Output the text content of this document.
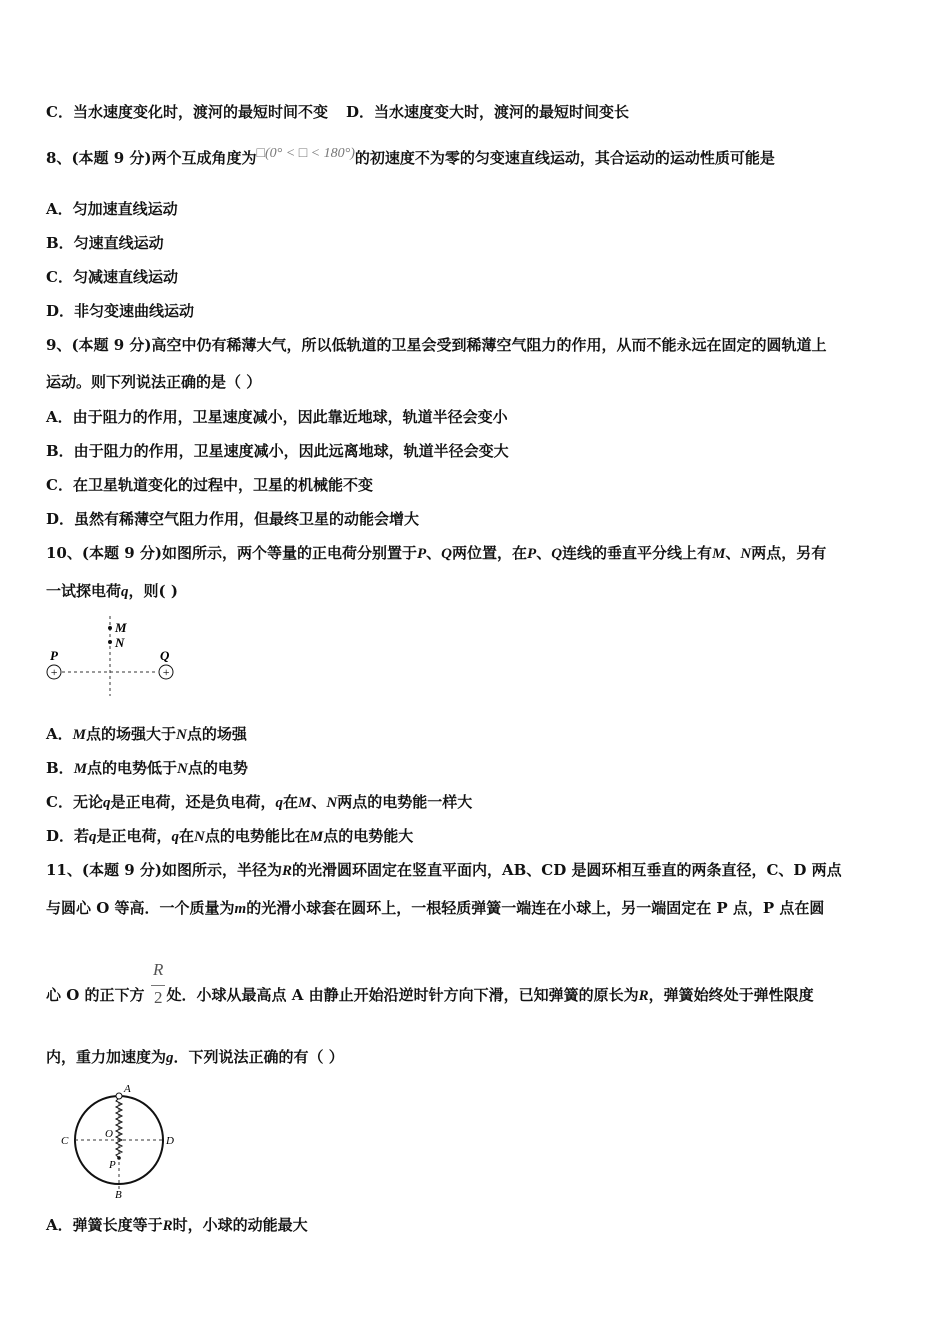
C．当水速度变化时，渡河的最短时间不变 D．当水速度变大时，渡河的最短时间变长
8、(本题 9 分)两个互成角度为□(0° < □ < 180°)的初速度不为零的匀变速直线运动，其合运动的运动性质可能是
A．匀加速直线运动
B．匀速直线运动
C．匀减速直线运动
D．非匀变速曲线运动
9、(本题 9 分)高空中仍有稀薄大气，所以低轨道的卫星会受到稀薄空气阻力的作用，从而不能永远在固定的圆轨道上
运动。则下列说法正确的是（ ）
A．由于阻力的作用，卫星速度减小，因此靠近地球，轨道半径会变小
B．由于阻力的作用，卫星速度减小，因此远离地球，轨道半径会变大
C．在卫星轨道变化的过程中，卫星的机械能不变
D．虽然有稀薄空气阻力作用，但最终卫星的动能会增大
10、(本题 9 分)如图所示，两个等量的正电荷分别置于P、Q两位置，在P、Q连线的垂直平分线上有M、N两点，另有
一试探电荷q，则( )
M
N
+	+
P	Q
A．M点的场强大于N点的场强
B．M点的电势低于N点的电势
C．无论q是正电荷，还是负电荷，q在M、N两点的电势能一样大
D．若q是正电荷，q在N点的电势能比在M点的电势能大
11、(本题 9 分)如图所示，半径为R的光滑圆环固定在竖直平面内，AB、CD 是圆环相互垂直的两条直径，C、D 两点
与圆心 O 等高．一个质量为m的光滑小球套在圆环上，一根轻质弹簧一端连在小球上，另一端固定在 P 点，P 点在圆
R
2
心 O 的正下方 处．小球从最高点 A 由静止开始沿逆时针方向下滑，已知弹簧的原长为R，弹簧始终处于弹性限度
内，重力加速度为g．下列说法正确的有（ ）
A
C	D
O
P
B
A．弹簧长度等于R时，小球的动能最大
